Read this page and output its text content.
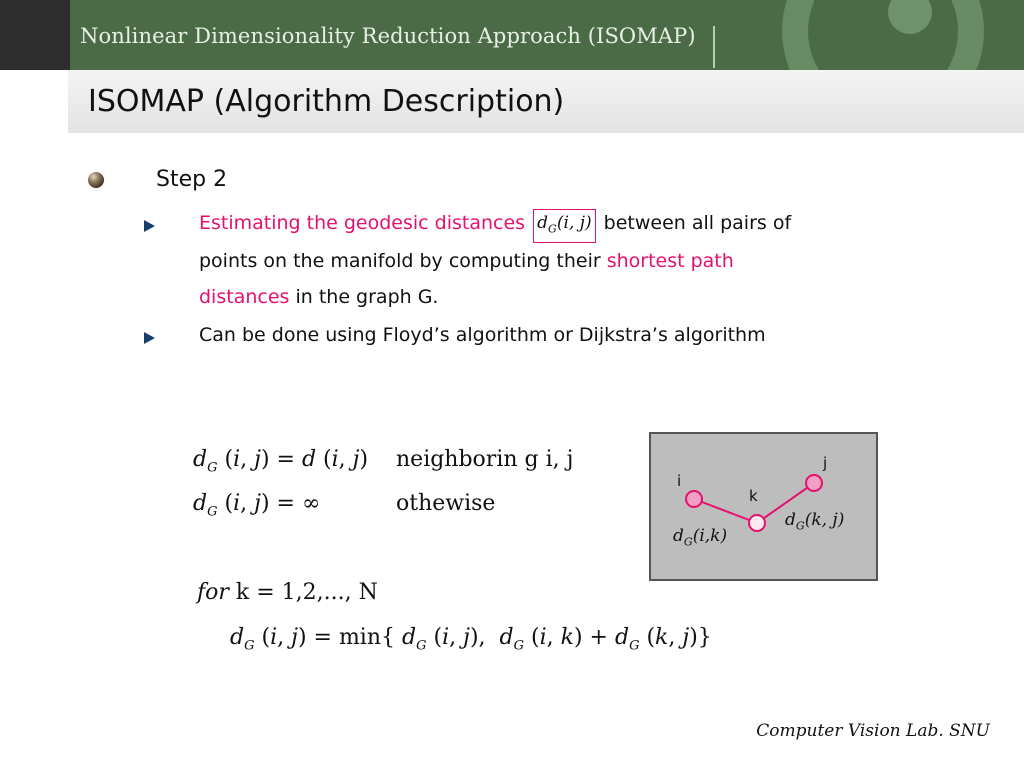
Nonlinear Dimensionality Reduction Approach (ISOMAP)
ISOMAP (Algorithm Description)
Step 2
Estimating the geodesic distances $d_G(i$, j) between all pairs of
points on the manifold by computing their shortest path
distances in the graph G.
Can be done using Floyd’s algorithm or Dijkstra’s algorithm
$d_G$ (i, j) = d (i, j) neighborin g i, j
$d_G$ (i, j) = ∞	othewise
for k = 1,2,..., N
$d_G$ (i, j) = min{ $d_G$ (i, j),  $d_G$ (i, $k) + d_G$ (k, j)}
i
k
j
$d_G(i,k)$
$d_G(k$, j)
Computer Vision Lab. SNU
